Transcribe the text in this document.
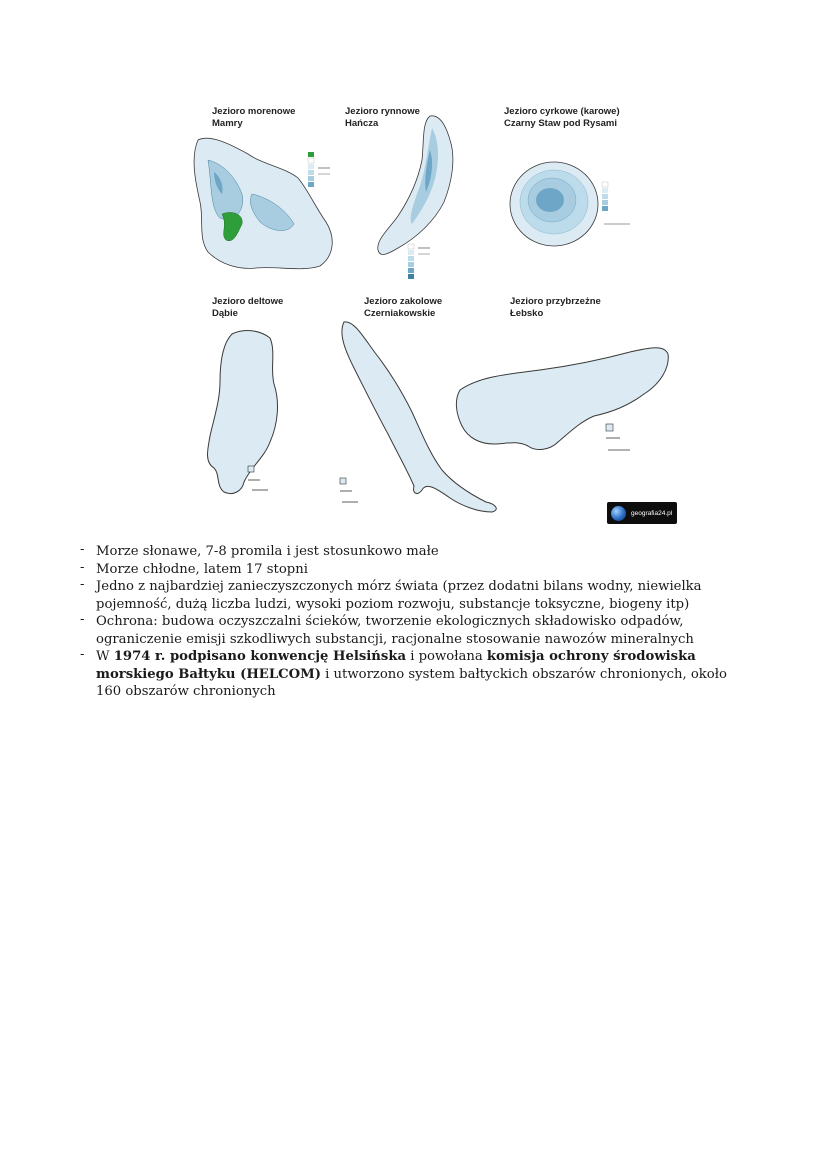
Jezioro morenowe
Mamry
Jezioro rynnowe
Hańcza
Jezioro cyrkowe (karowe)
Czarny Staw pod Rysami
Jezioro deltowe
Dąbie
Jezioro zakolowe
Czerniakowskie
Jezioro przybrzeżne
Łebsko
geografia24.pl
- Morze słonawe, 7-8 promila i jest stosunkowo małe
- Morze chłodne, latem 17 stopni
- Jedno z najbardziej zanieczyszczonych mórz świata (przez dodatni bilans wodny, niewielka pojemność, dużą liczba ludzi, wysoki poziom rozwoju, substancje toksyczne, biogeny itp)
- Ochrona: budowa oczyszczalni ścieków, tworzenie ekologicznych składowisko odpadów, ograniczenie emisji szkodliwych substancji, racjonalne stosowanie nawozów mineralnych
- W 1974 r. podpisano konwencję Helsińska i powołana komisja ochrony środowiska morskiego Bałtyku (HELCOM) i utworzono system bałtyckich obszarów chronionych, około 160 obszarów chronionych
